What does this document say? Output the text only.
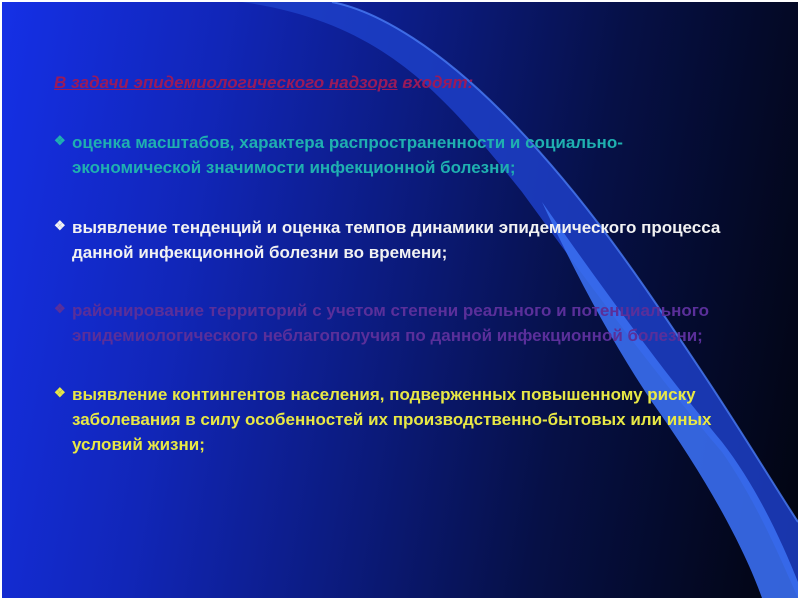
В задачи эпидемиологического надзора входят:

❖ оценка масштабов, характера распространенности и социально-экономической значимости инфекционной болезни;
❖ выявление тенденций и оценка темпов динамики эпидемического процесса данной инфекционной болезни во времени;
❖ районирование территорий с учетом степени реального и потенциального эпидемиологического неблагополучия по данной инфекционной болезни;
❖ выявление контингентов населения, подверженных повышенному риску заболевания в силу особенностей их производственно-бытовых или иных условий жизни;
